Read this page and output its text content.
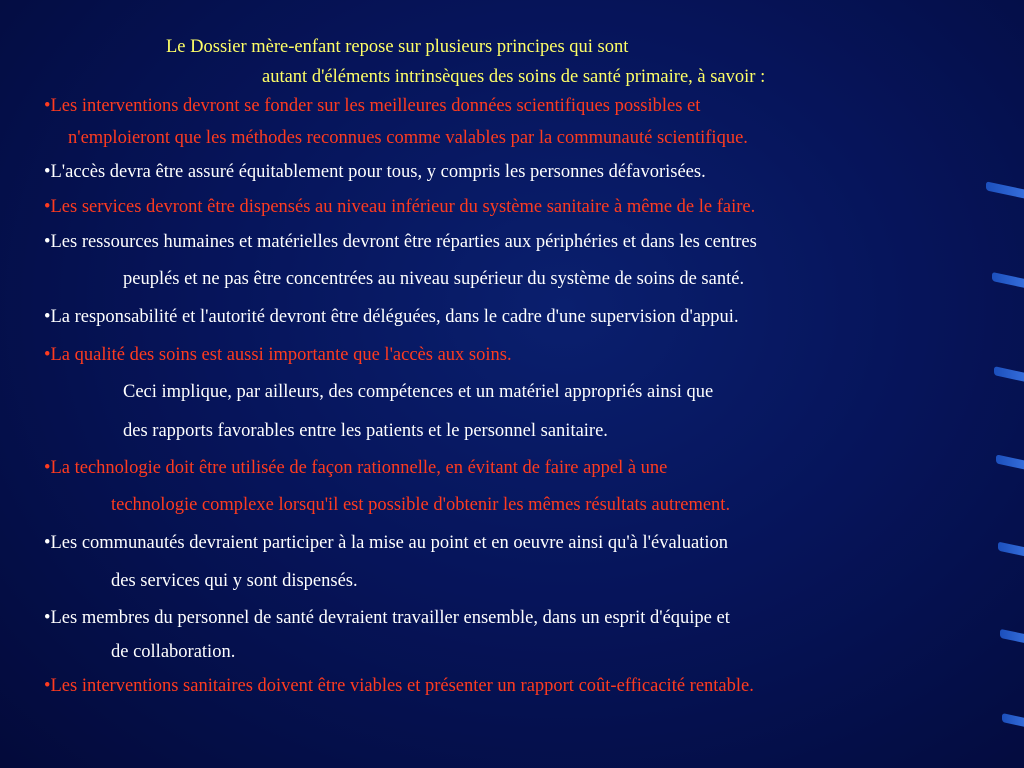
Le Dossier mère-enfant repose sur plusieurs principes qui sont
autant d'éléments intrinsèques des soins de santé primaire, à savoir :
•Les interventions devront se fonder sur les meilleures données scientifiques possibles et
n'emploieront que les méthodes reconnues comme valables par la communauté scientifique.
•L'accès devra être assuré équitablement pour tous, y compris les personnes défavorisées.
•Les services devront être dispensés au niveau inférieur du système sanitaire à même de le faire.
•Les ressources humaines et matérielles devront être réparties aux périphéries et dans les centres
peuplés et ne pas être concentrées au niveau supérieur du système de soins de santé.
•La responsabilité et l'autorité devront être déléguées, dans le cadre d'une supervision d'appui.
•La qualité des soins est aussi importante que l'accès aux soins.
Ceci implique, par ailleurs, des compétences et un matériel appropriés ainsi que
des rapports favorables entre les patients et le personnel sanitaire.
•La technologie doit être utilisée de façon rationnelle, en évitant de faire appel à une
technologie complexe lorsqu'il est possible d'obtenir les mêmes résultats autrement.
•Les communautés devraient participer à la mise au point et en oeuvre ainsi qu'à l'évaluation
des services qui y sont dispensés.
•Les membres du personnel de santé devraient travailler ensemble, dans un esprit d'équipe et
de collaboration.
•Les interventions sanitaires doivent être viables et présenter un rapport coût-efficacité rentable.
